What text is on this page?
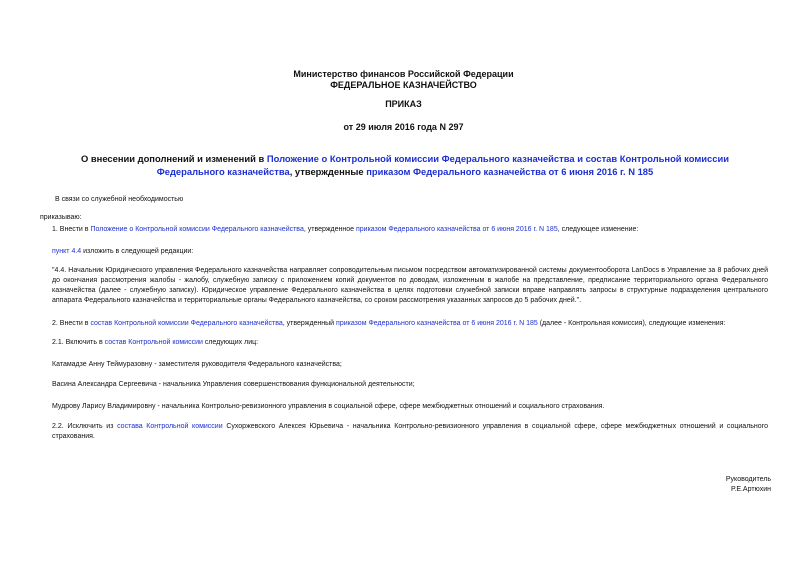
Министерство финансов Российской Федерации
ФЕДЕРАЛЬНОЕ КАЗНАЧЕЙСТВО
ПРИКАЗ
от 29 июля 2016 года N 297
О внесении дополнений и изменений в Положение о Контрольной комиссии Федерального казначейства и состав Контрольной комиссии Федерального казначейства, утвержденные приказом Федерального казначейства от 6 июня 2016 г. N 185
В связи со служебной необходимостью
приказываю:
1. Внести в Положение о Контрольной комиссии Федерального казначейства, утвержденное приказом Федерального казначейства от 6 июня 2016 г. N 185, следующее изменение:
пункт 4.4 изложить в следующей редакции:
"4.4. Начальник Юридического управления Федерального казначейства направляет сопроводительным письмом посредством автоматизированной системы документооборота LanDocs в Управление за 8 рабочих дней до окончания рассмотрения жалобы - жалобу, служебную записку с приложением копий документов по доводам, изложенным в жалобе на представление, предписание территориального органа Федерального казначейства (далее - служебную записку). Юридическое управление Федерального казначейства в целях подготовки служебной записки вправе направлять запросы в структурные подразделения центрального аппарата Федерального казначейства и территориальные органы Федерального казначейства, со сроком рассмотрения указанных запросов до 5 рабочих дней.".
2. Внести в состав Контрольной комиссии Федерального казначейства, утвержденный приказом Федерального казначейства от 6 июня 2016 г. N 185 (далее - Контрольная комиссия), следующие изменения:
2.1. Включить в состав Контрольной комиссии следующих лиц:
Катамадзе Анну Теймуразовну - заместителя руководителя Федерального казначейства;
Васина Александра Сергеевича - начальника Управления совершенствования функциональной деятельности;
Мудрову Ларису Владимировну - начальника Контрольно-ревизионного управления в социальной сфере, сфере межбюджетных отношений и социального страхования.
2.2. Исключить из состава Контрольной комиссии Сухоржевского Алексея Юрьевича - начальника Контрольно-ревизионного управления в социальной сфере, сфере межбюджетных отношений и социального страхования.
Руководитель
Р.Е.Артюхин
